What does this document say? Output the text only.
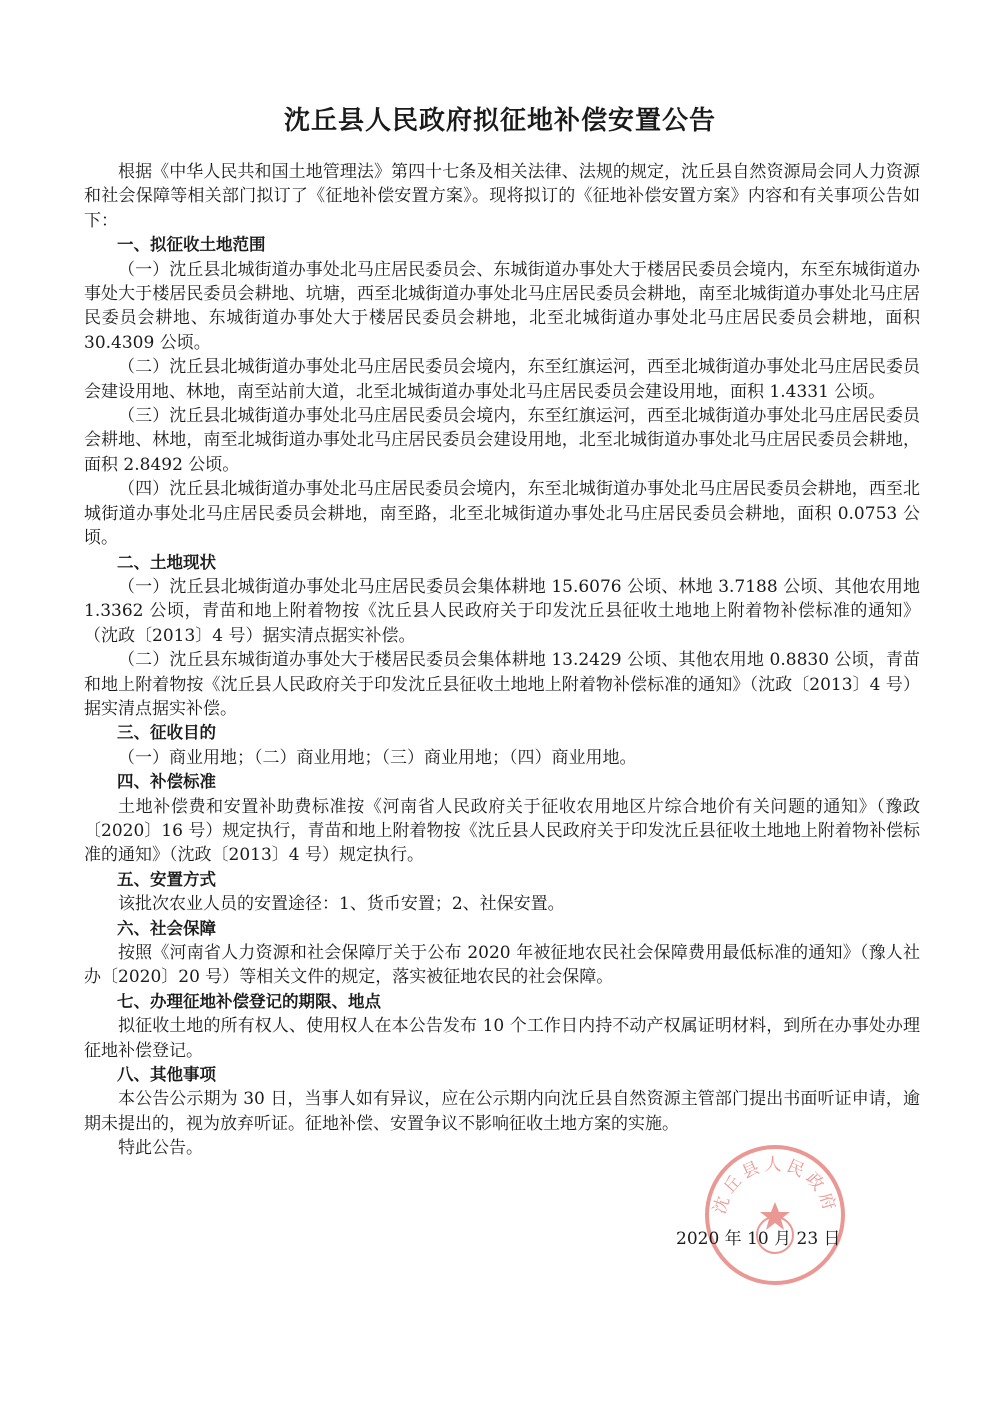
沈丘县人民政府拟征地补偿安置公告

根据《中华人民共和国土地管理法》第四十七条及相关法律、法规的规定，沈丘县自然资源局会同人力资源和社会保障等相关部门拟订了《征地补偿安置方案》。现将拟订的《征地补偿安置方案》内容和有关事项公告如下：

一、拟征收土地范围

（一）沈丘县北城街道办事处北马庄居民委员会、东城街道办事处大于楼居民委员会境内，东至东城街道办事处大于楼居民委员会耕地、坑塘，西至北城街道办事处北马庄居民委员会耕地，南至北城街道办事处北马庄居民委员会耕地、东城街道办事处大于楼居民委员会耕地，北至北城街道办事处北马庄居民委员会耕地，面积 30.4309 公顷。

（二）沈丘县北城街道办事处北马庄居民委员会境内，东至红旗运河，西至北城街道办事处北马庄居民委员会建设用地、林地，南至站前大道，北至北城街道办事处北马庄居民委员会建设用地，面积 1.4331 公顷。

（三）沈丘县北城街道办事处北马庄居民委员会境内，东至红旗运河，西至北城街道办事处北马庄居民委员会耕地、林地，南至北城街道办事处北马庄居民委员会建设用地，北至北城街道办事处北马庄居民委员会耕地，面积 2.8492 公顷。

（四）沈丘县北城街道办事处北马庄居民委员会境内，东至北城街道办事处北马庄居民委员会耕地，西至北城街道办事处北马庄居民委员会耕地，南至路，北至北城街道办事处北马庄居民委员会耕地，面积 0.0753 公顷。

二、土地现状

（一）沈丘县北城街道办事处北马庄居民委员会集体耕地 15.6076 公顷、林地 3.7188 公顷、其他农用地 1.3362 公顷，青苗和地上附着物按《沈丘县人民政府关于印发沈丘县征收土地地上附着物补偿标准的通知》（沈政〔2013〕4 号）据实清点据实补偿。

（二）沈丘县东城街道办事处大于楼居民委员会集体耕地 13.2429 公顷、其他农用地 0.8830 公顷，青苗和地上附着物按《沈丘县人民政府关于印发沈丘县征收土地地上附着物补偿标准的通知》（沈政〔2013〕4 号）据实清点据实补偿。

三、征收目的

（一）商业用地；（二）商业用地；（三）商业用地；（四）商业用地。

四、补偿标准

土地补偿费和安置补助费标准按《河南省人民政府关于征收农用地区片综合地价有关问题的通知》（豫政〔2020〕16 号）规定执行，青苗和地上附着物按《沈丘县人民政府关于印发沈丘县征收土地地上附着物补偿标准的通知》（沈政〔2013〕4 号）规定执行。

五、安置方式

该批次农业人员的安置途径：1、货币安置；2、社保安置。

六、社会保障

按照《河南省人力资源和社会保障厅关于公布 2020 年被征地农民社会保障费用最低标准的通知》（豫人社办〔2020〕20 号）等相关文件的规定，落实被征地农民的社会保障。

七、办理征地补偿登记的期限、地点

拟征收土地的所有权人、使用权人在本公告发布 10 个工作日内持不动产权属证明材料，到所在办事处办理征地补偿登记。

八、其他事项

本公告公示期为 30 日，当事人如有异议，应在公示期内向沈丘县自然资源主管部门提出书面听证申请，逾期未提出的，视为放弃听证。征地补偿、安置争议不影响征收土地方案的实施。

特此公告。

沈丘县人民政府
2020 年 10 月 23 日
